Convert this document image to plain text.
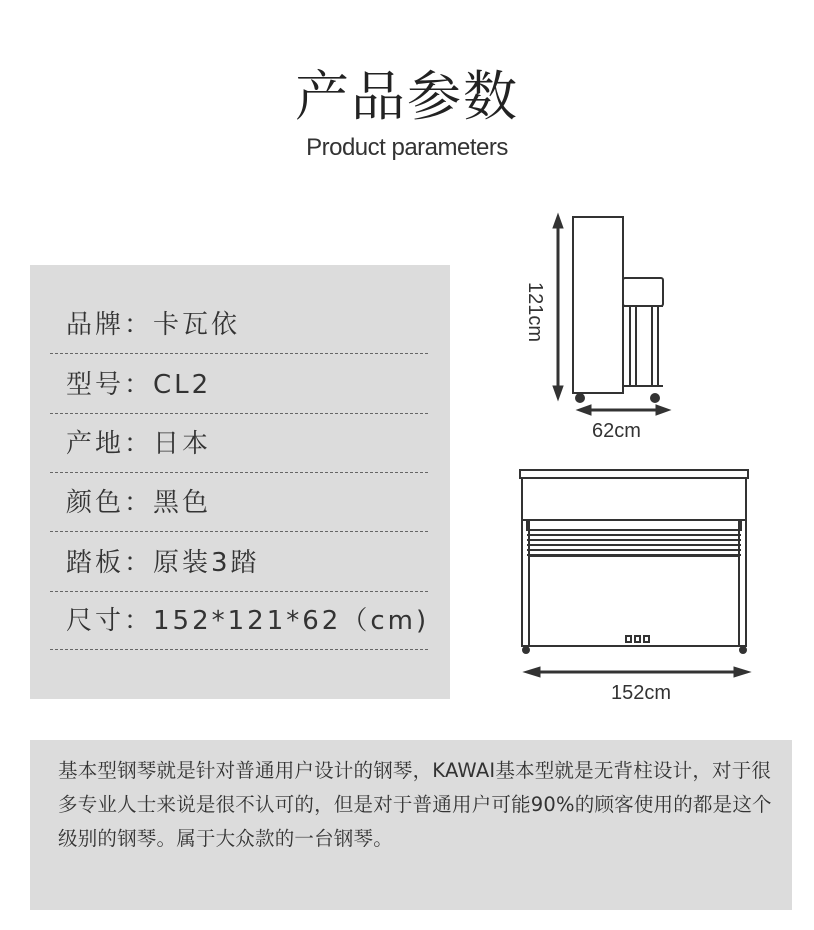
产品参数
Product parameters
品牌：卡瓦依
型号：CL2
产地：日本
颜色：黑色
踏板：原装3踏
尺寸：152*121*62（cm)
121cm
62cm
152cm
基本型钢琴就是针对普通用户设计的钢琴，KAWAI基本型就是无背柱设计，对于很多专业人士来说是很不认可的，但是对于普通用户可能90%的顾客使用的都是这个级别的钢琴。属于大众款的一台钢琴。
